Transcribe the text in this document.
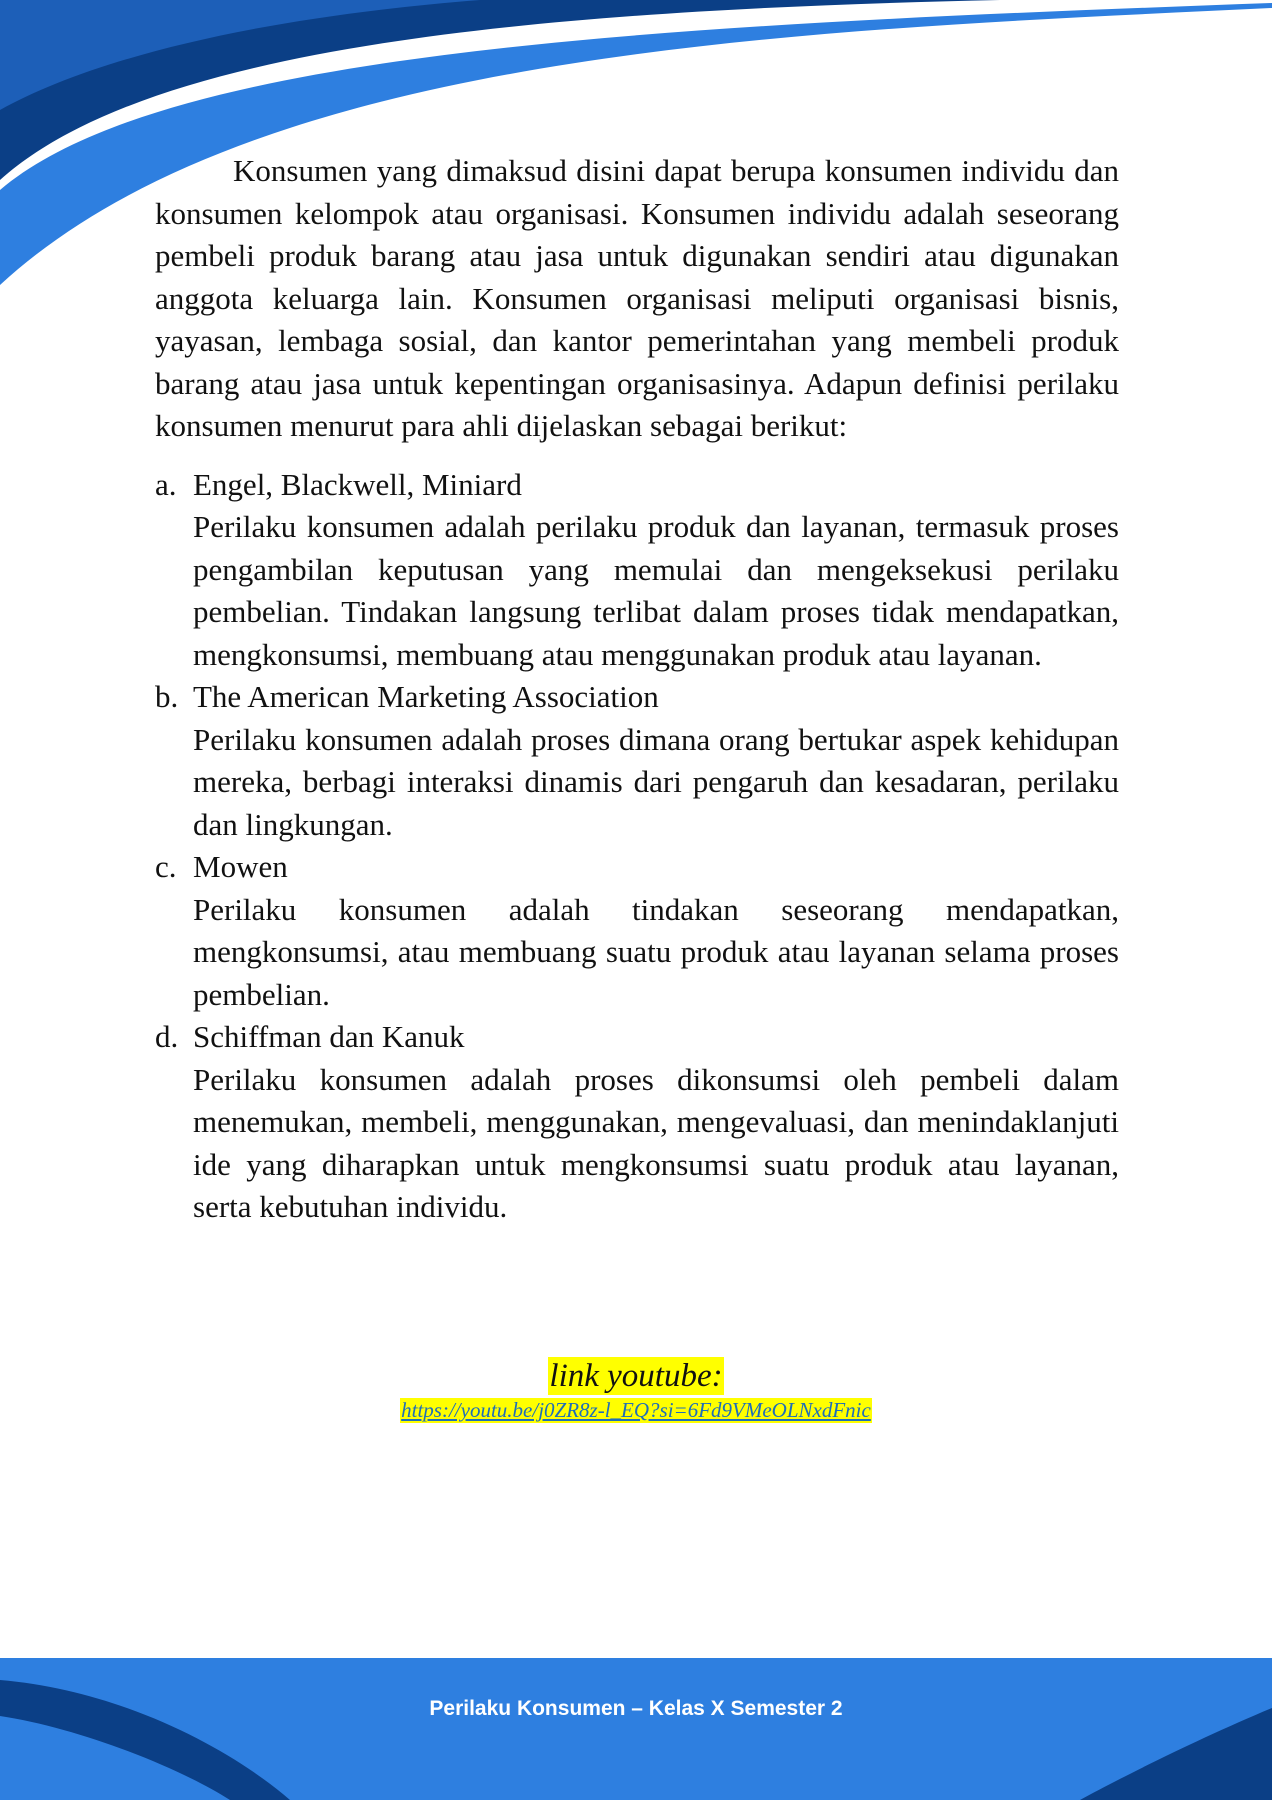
Konsumen yang dimaksud disini dapat berupa konsumen individu dan konsumen kelompok atau organisasi. Konsumen individu adalah seseorang pembeli produk barang atau jasa untuk digunakan sendiri atau digunakan anggota keluarga lain. Konsumen organisasi meliputi organisasi bisnis, yayasan, lembaga sosial, dan kantor pemerintahan yang membeli produk barang atau jasa untuk kepentingan organisasinya. Adapun definisi perilaku konsumen menurut para ahli dijelaskan sebagai berikut:

a. Engel, Blackwell, Miniard
Perilaku konsumen adalah perilaku produk dan layanan, termasuk proses pengambilan keputusan yang memulai dan mengeksekusi perilaku pembelian. Tindakan langsung terlibat dalam proses tidak mendapatkan, mengkonsumsi, membuang atau menggunakan produk atau layanan.
b. The American Marketing Association
Perilaku konsumen adalah proses dimana orang bertukar aspek kehidupan mereka, berbagi interaksi dinamis dari pengaruh dan kesadaran, perilaku dan lingkungan.
c. Mowen
Perilaku konsumen adalah tindakan seseorang mendapatkan, mengkonsumsi, atau membuang suatu produk atau layanan selama proses pembelian.
d. Schiffman dan Kanuk
Perilaku konsumen adalah proses dikonsumsi oleh pembeli dalam menemukan, membeli, menggunakan, mengevaluasi, dan menindaklanjuti ide yang diharapkan untuk mengkonsumsi suatu produk atau layanan, serta kebutuhan individu.
link youtube:
https://youtu.be/j0ZR8z-l_EQ?si=6Fd9VMeOLNxdFnic
Perilaku Konsumen – Kelas X Semester 2
